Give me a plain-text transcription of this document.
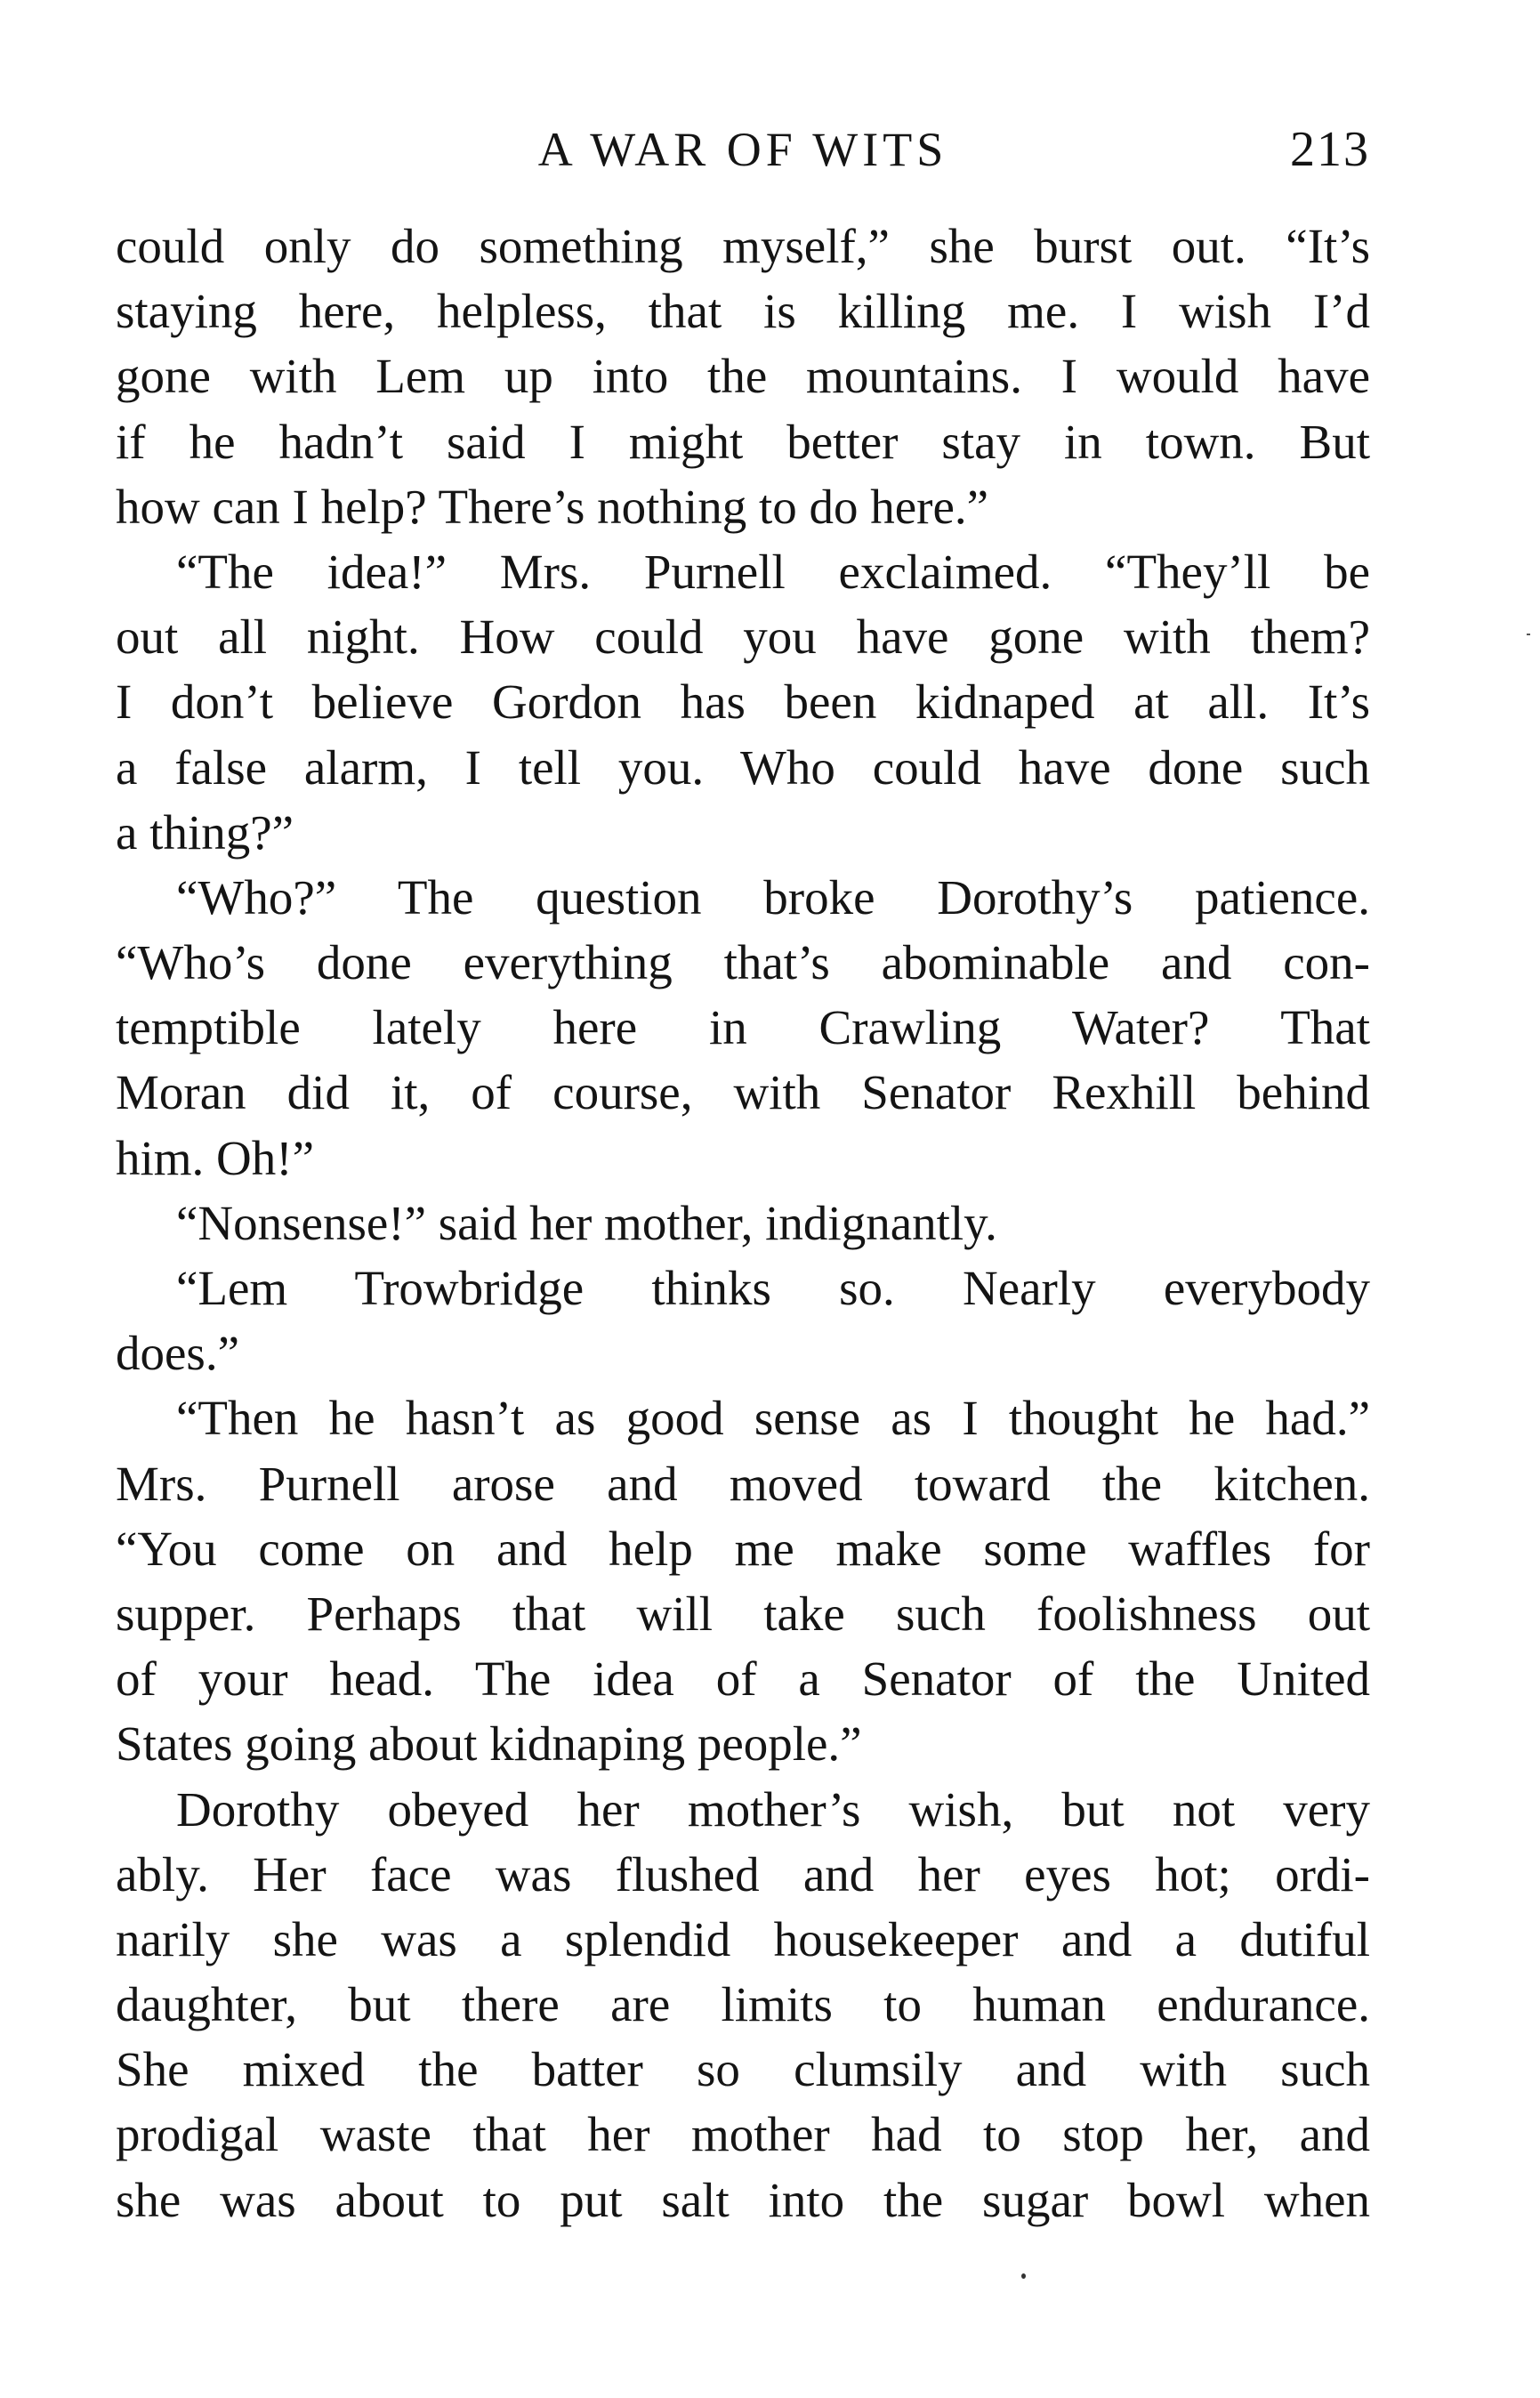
A WAR OF WITS	213
could only do something myself,” she burst out. “It’s
staying here, helpless, that is killing me. I wish I’d
gone with Lem up into the mountains. I would have
if he hadn’t said I might better stay in town. But
how can I help? There’s nothing to do here.”
“The idea!” Mrs. Purnell exclaimed. “They’ll be
out all night. How could you have gone with them?
I don’t believe Gordon has been kidnaped at all. It’s
a false alarm, I tell you. Who could have done such
a thing?”
“Who?” The question broke Dorothy’s patience.
“Who’s done everything that’s abominable and con-
temptible lately here in Crawling Water? That
Moran did it, of course, with Senator Rexhill behind
him. Oh!”
“Nonsense!” said her mother, indignantly.
“Lem Trowbridge thinks so. Nearly everybody
does.”
“Then he hasn’t as good sense as I thought he had.”
Mrs. Purnell arose and moved toward the kitchen.
“You come on and help me make some waffles for
supper. Perhaps that will take such foolishness out
of your head. The idea of a Senator of the United
States going about kidnaping people.”
Dorothy obeyed her mother’s wish, but not very
ably. Her face was flushed and her eyes hot; ordi-
narily she was a splendid housekeeper and a dutiful
daughter, but there are limits to human endurance.
She mixed the batter so clumsily and with such
prodigal waste that her mother had to stop her, and
she was about to put salt into the sugar bowl when
